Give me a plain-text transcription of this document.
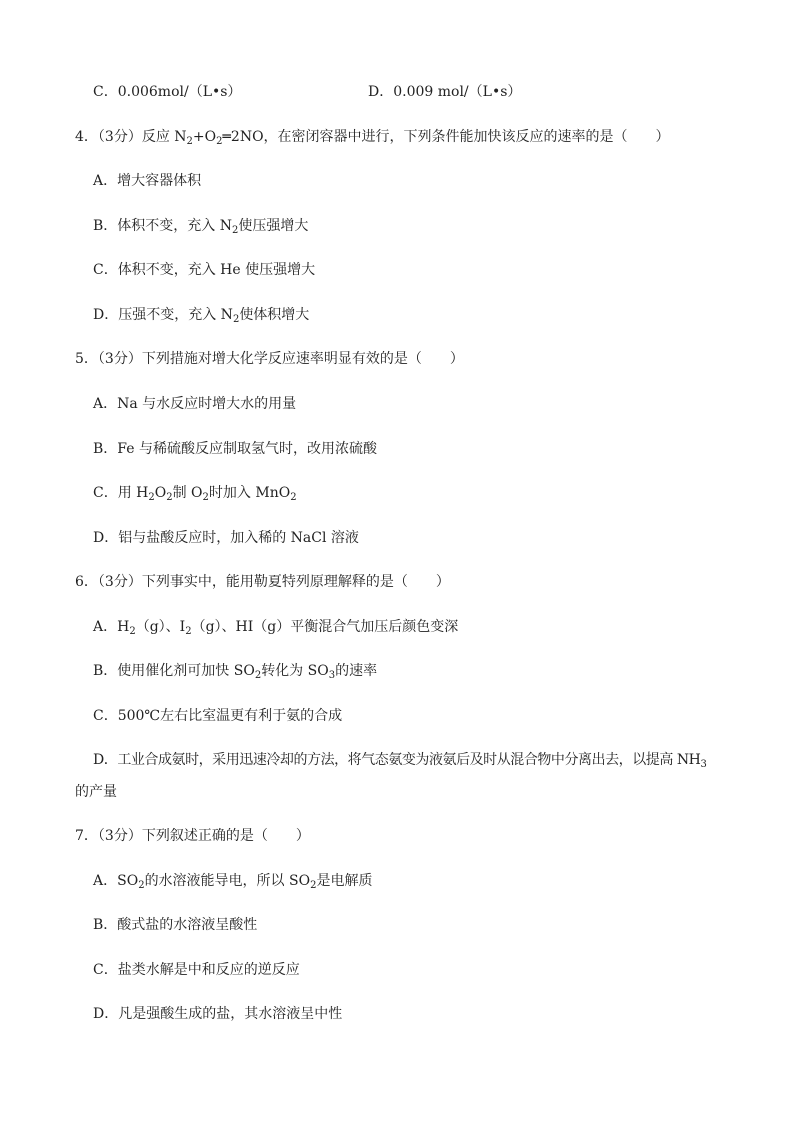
C．0.006mol/（L•s）	D．0.009 mol/（L•s）
4．（3分）反应 $N_2+O_2═2NO$，在密闭容器中进行，下列条件能加快该反应的速率的是（　　）
A．增大容器体积
B．体积不变，充入 $N_2$使压强增大
C．体积不变，充入 He 使压强增大
D．压强不变，充入 $N_2$使体积增大
5．（3分）下列措施对增大化学反应速率明显有效的是（　　）
A．Na 与水反应时增大水的用量
B．Fe 与稀硫酸反应制取氢气时，改用浓硫酸
C．用 $H_2O_2$制 $O_2$时加入 MnO$_2$
D．铝与盐酸反应时，加入稀的 NaCl 溶液
6．（3分）下列事实中，能用勒夏特列原理解释的是（　　）
A．$H_2(g)$、$I_2(g)$、HI（g）平衡混合气加压后颜色变深
B．使用催化剂可加快 $SO_2$转化为 $SO_3$的速率
C．500℃左右比室温更有利于氨的合成
D．工业合成氨时，采用迅速冷却的方法，将气态氨变为液氨后及时从混合物中分离出去，以提高 $NH_3$
的产量
7．（3分）下列叙述正确的是（　　）
A．$SO_2$的水溶液能导电，所以 $SO_2$是电解质
B．酸式盐的水溶液呈酸性
C．盐类水解是中和反应的逆反应
D．凡是强酸生成的盐，其水溶液呈中性
